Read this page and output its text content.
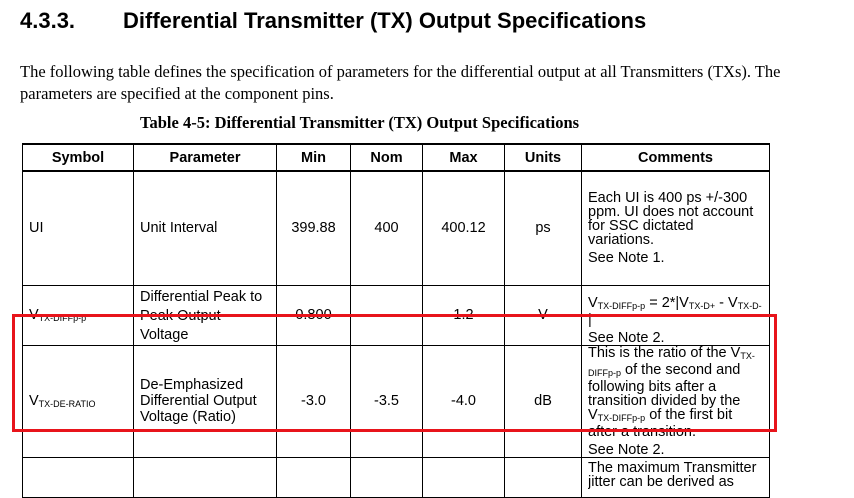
4.3.3. Differential Transmitter (TX) Output Specifications
The following table defines the specification of parameters for the differential output at all Transmitters (TXs). The parameters are specified at the component pins.
Table 4-5: Differential Transmitter (TX) Output Specifications
Symbol	Parameter	Min	Nom	Max	Units	Comments
UI	Unit Interval	399.88	400	400.12	ps	Each UI is 400 ps +/-300 ppm. UI does not account for SSC dictated variations.
See Note 1.

$V_{TX-DIFFp-p}$	Differential Peak to Peak Output Voltage	0.800		1.2	V	$V_{TX-DIFFp-p} = 2*|V_{TX-D+} - V_{TX-D-}|$
See Note 2.

$V_{TX-DE-RATIO}$	De-Emphasized Differential Output Voltage (Ratio)	-3.0	-3.5	-4.0	dB	This is the ratio of the $V_{TX-DIFFp-p}$ of the second and following bits after a transition divided by the $V_{TX-DIFFp-p}$ of the first bit after a transition.
See Note 2.

						The maximum Transmitter jitter can be derived as
